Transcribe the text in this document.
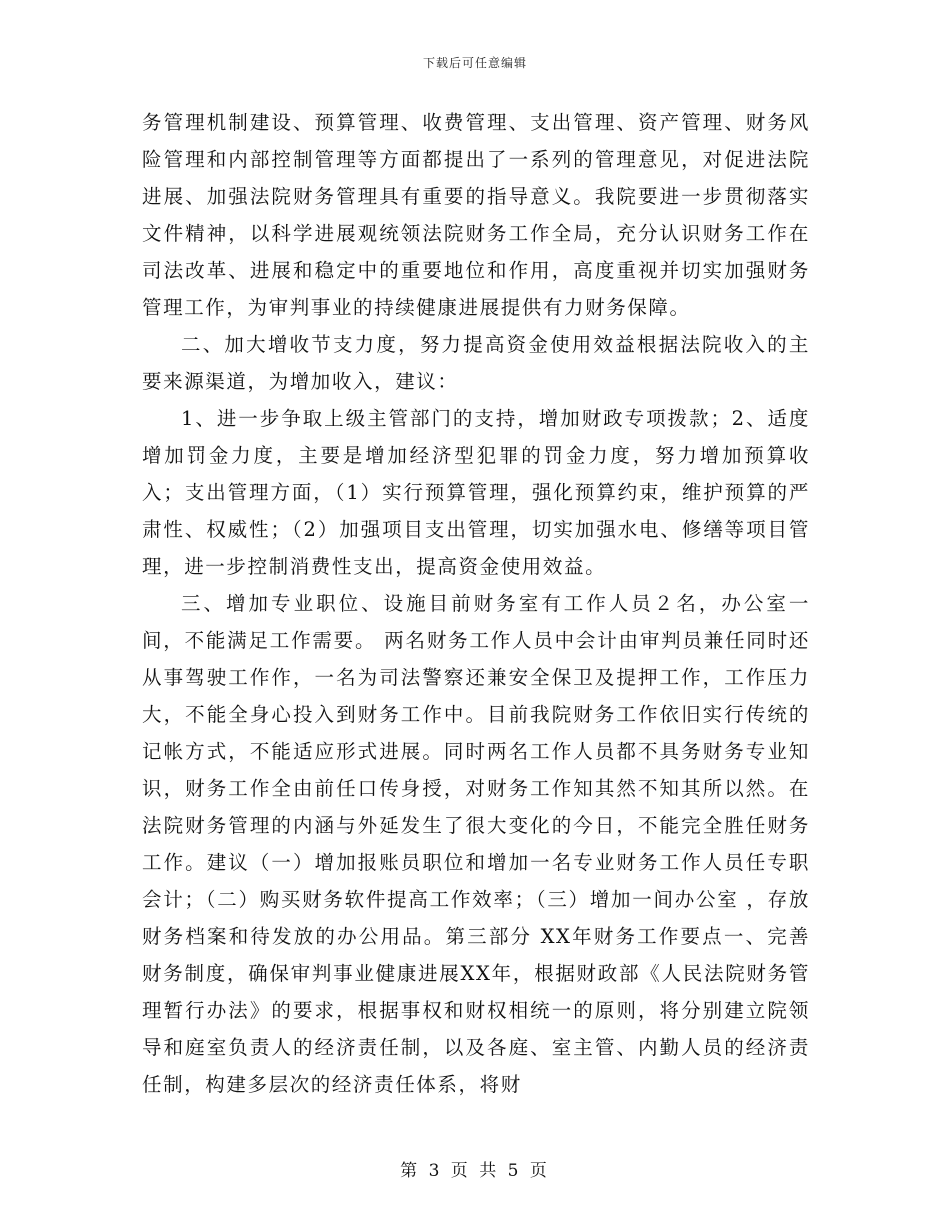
下载后可任意编辑

务管理机制建设、预算管理、收费管理、支出管理、资产管理、财务风险管理和内部控制管理等方面都提出了一系列的管理意见，对促进法院进展、加强法院财务管理具有重要的指导意义。我院要进一步贯彻落实文件精神，以科学进展观统领法院财务工作全局，充分认识财务工作在司法改革、进展和稳定中的重要地位和作用，高度重视并切实加强财务管理工作，为审判事业的持续健康进展提供有力财务保障。

二、加大增收节支力度，努力提高资金使用效益根据法院收入的主要来源渠道，为增加收入，建议：

1、进一步争取上级主管部门的支持，增加财政专项拨款；2、适度增加罚金力度，主要是增加经济型犯罪的罚金力度，努力增加预算收入；支出管理方面，（1）实行预算管理，强化预算约束，维护预算的严肃性、权威性；（2）加强项目支出管理，切实加强水电、修缮等项目管理，进一步控制消费性支出，提高资金使用效益。

三、增加专业职位、设施目前财务室有工作人员２名，办公室一间，不能满足工作需要。 两名财务工作人员中会计由审判员兼任同时还从事驾驶工作作，一名为司法警察还兼安全保卫及提押工作，工作压力大，不能全身心投入到财务工作中。目前我院财务工作依旧实行传统的记帐方式，不能适应形式进展。同时两名工作人员都不具务财务专业知识，财务工作全由前任口传身授，对财务工作知其然不知其所以然。在法院财务管理的内涵与外延发生了很大变化的今日，不能完全胜任财务工作。建议（一）增加报账员职位和增加一名专业财务工作人员任专职会计；（二）购买财务软件提高工作效率；（三）增加一间办公室 ，存放财务档案和待发放的办公用品。第三部分 XX年财务工作要点一、完善财务制度，确保审判事业健康进展XX年，根据财政部《人民法院财务管理暂行办法》的要求，根据事权和财权相统一的原则，将分别建立院领导和庭室负责人的经济责任制，以及各庭、室主管、内勤人员的经济责任制，构建多层次的经济责任体系，将财

第 3 页 共 5 页
